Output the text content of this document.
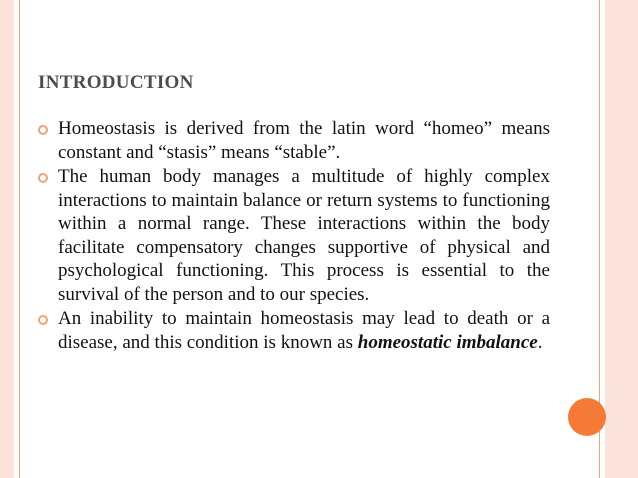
INTRODUCTION
Homeostasis is derived from the latin word “homeo” means constant and “stasis” means “stable”.
The human body manages a multitude of highly complex interactions to maintain balance or return systems to functioning within a normal range. These interactions within the body facilitate compensatory changes supportive of physical and psychological functioning. This process is essential to the survival of the person and to our species.
An inability to maintain homeostasis may lead to death or a disease, and this condition is known as homeostatic imbalance.
